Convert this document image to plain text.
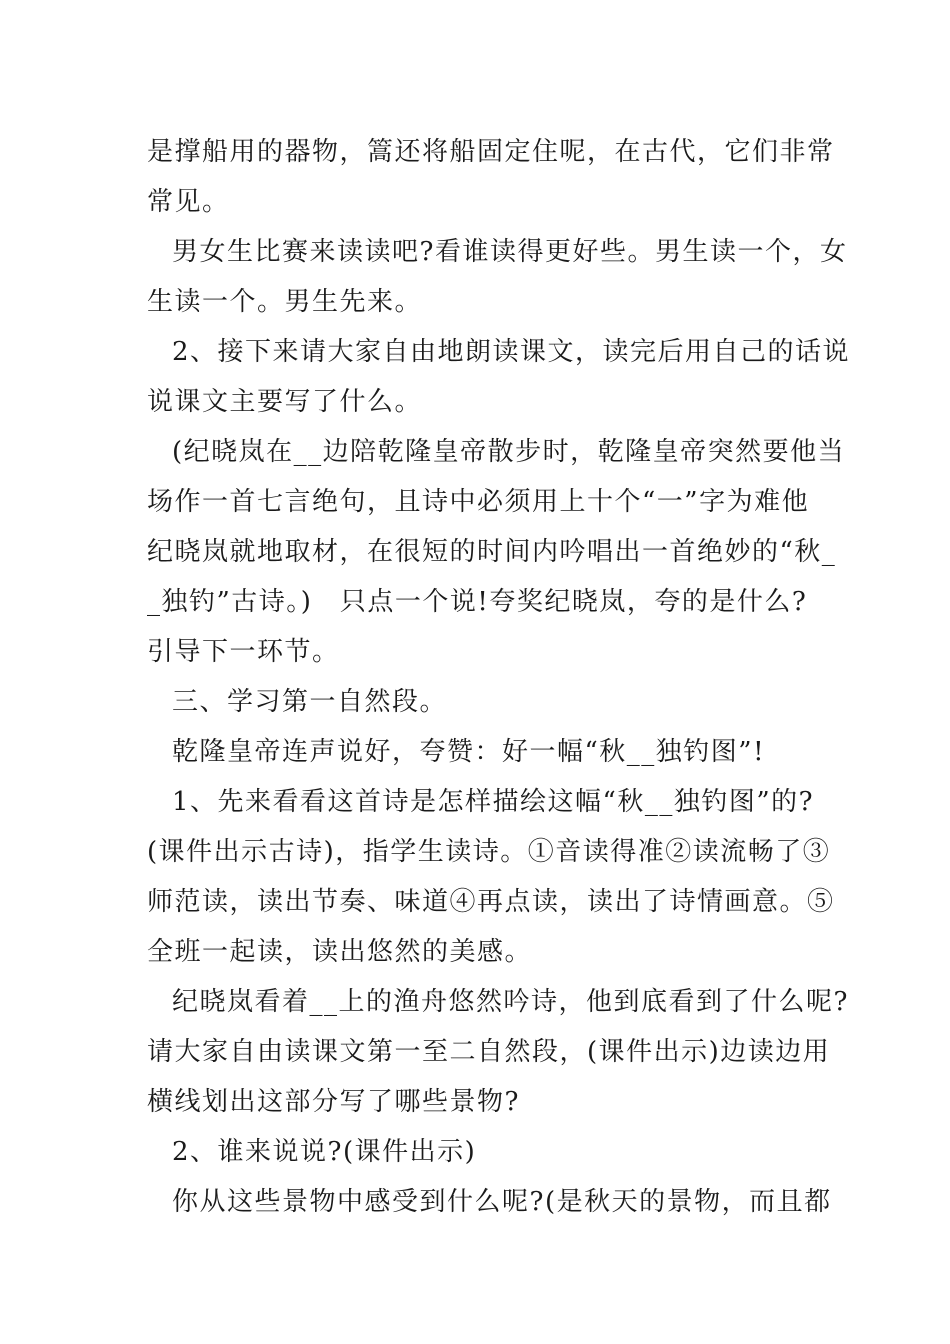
是撑船用的器物，篙还将船固定住呢，在古代，它们非常
常见。
男女生比赛来读读吧?看谁读得更好些。男生读一个，女
生读一个。男生先来。
2、接下来请大家自由地朗读课文，读完后用自己的话说
说课文主要写了什么。
(纪晓岚在__边陪乾隆皇帝散步时，乾隆皇帝突然要他当
场作一首七言绝句，且诗中必须用上十个“一”字为难他
纪晓岚就地取材，在很短的时间内吟唱出一首绝妙的“秋_
_独钓”古诗。)　只点一个说!夸奖纪晓岚，夸的是什么?
引导下一环节。
三、学习第一自然段。
乾隆皇帝连声说好，夸赞：好一幅“秋__独钓图”!
1、先来看看这首诗是怎样描绘这幅“秋__独钓图”的?
(课件出示古诗)，指学生读诗。①音读得准②读流畅了③
师范读，读出节奏、味道④再点读，读出了诗情画意。⑤
全班一起读，读出悠然的美感。
纪晓岚看着__上的渔舟悠然吟诗，他到底看到了什么呢?
请大家自由读课文第一至二自然段，(课件出示)边读边用
横线划出这部分写了哪些景物?
2、谁来说说?(课件出示)
你从这些景物中感受到什么呢?(是秋天的景物，而且都
